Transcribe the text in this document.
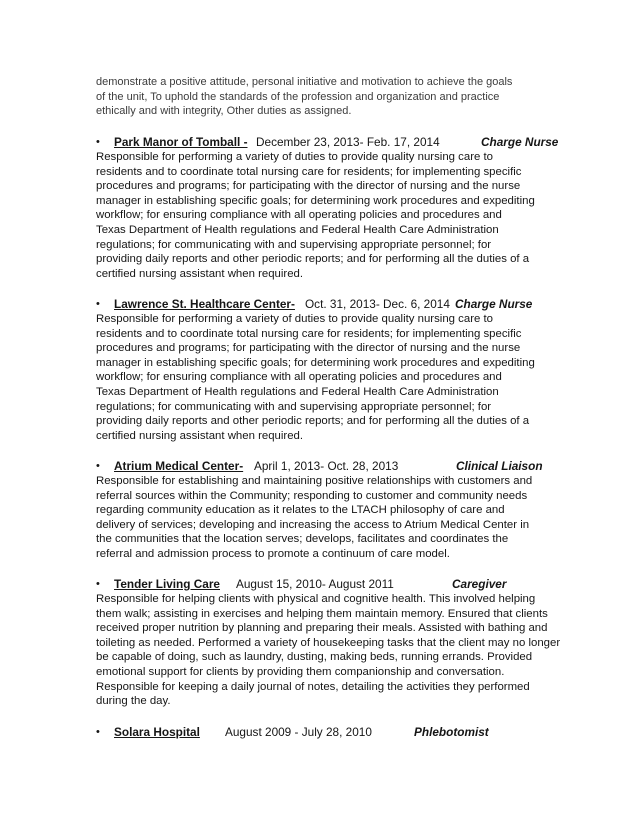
demonstrate a positive attitude, personal initiative and motivation to achieve the goals
of the unit, To uphold the standards of the profession and organization and practice
ethically and with integrity, Other duties as assigned.
• Park Manor of Tomball - December 23, 2013- Feb. 17, 2014	Charge Nurse
Responsible for performing a variety of duties to provide quality nursing care to
residents and to coordinate total nursing care for residents; for implementing specific
procedures and programs; for participating with the director of nursing and the nurse
manager in establishing specific goals; for determining work procedures and expediting
workflow; for ensuring compliance with all operating policies and procedures and
Texas Department of Health regulations and Federal Health Care Administration
regulations; for communicating with and supervising appropriate personnel; for
providing daily reports and other periodic reports; and for performing all the duties of a
certified nursing assistant when required.
• Lawrence St. Healthcare Center- Oct. 31, 2013- Dec. 6, 2014 Charge Nurse
Responsible for performing a variety of duties to provide quality nursing care to
residents and to coordinate total nursing care for residents; for implementing specific
procedures and programs; for participating with the director of nursing and the nurse
manager in establishing specific goals; for determining work procedures and expediting
workflow; for ensuring compliance with all operating policies and procedures and
Texas Department of Health regulations and Federal Health Care Administration
regulations; for communicating with and supervising appropriate personnel; for
providing daily reports and other periodic reports; and for performing all the duties of a
certified nursing assistant when required.
• Atrium Medical Center- April 1, 2013- Oct. 28, 2013	Clinical Liaison
Responsible for establishing and maintaining positive relationships with customers and
referral sources within the Community; responding to customer and community needs
regarding community education as it relates to the LTACH philosophy of care and
delivery of services; developing and increasing the access to Atrium Medical Center in
the communities that the location serves; develops, facilitates and coordinates the
referral and admission process to promote a continuum of care model.
• Tender Living Care August 15, 2010- August 2011	Caregiver
Responsible for helping clients with physical and cognitive health. This involved helping
them walk; assisting in exercises and helping them maintain memory. Ensured that clients
received proper nutrition by planning and preparing their meals. Assisted with bathing and
toileting as needed. Performed a variety of housekeeping tasks that the client may no longer
be capable of doing, such as laundry, dusting, making beds, running errands. Provided
emotional support for clients by providing them companionship and conversation.
Responsible for keeping a daily journal of notes, detailing the activities they performed
during the day.
• Solara Hospital	August 2009 - July 28, 2010	Phlebotomist
